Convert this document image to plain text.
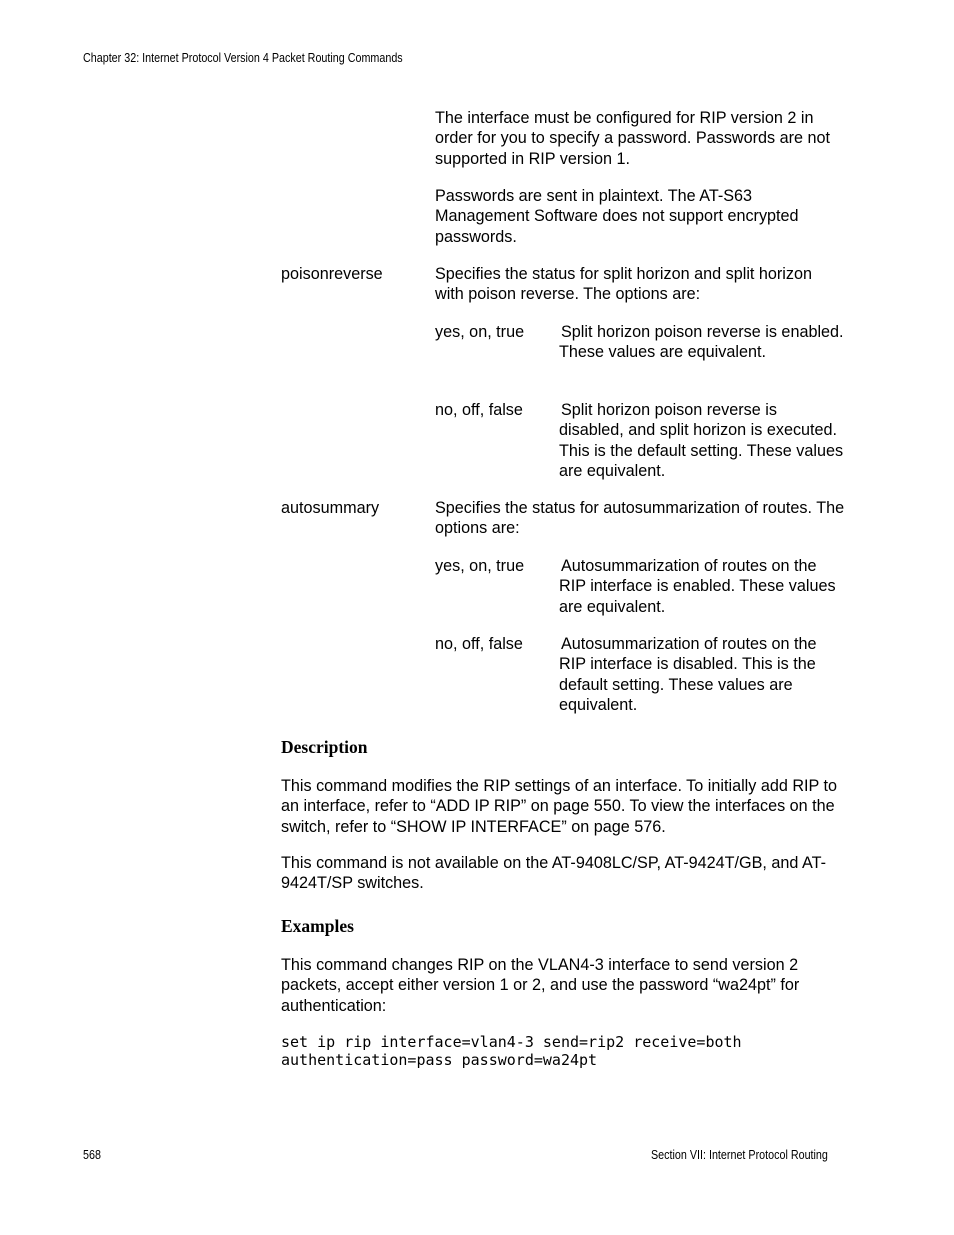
Chapter 32: Internet Protocol Version 4 Packet Routing Commands
The interface must be configured for RIP version 2 in order for you to specify a password. Passwords are not supported in RIP version 1.
Passwords are sent in plaintext. The AT-S63 Management Software does not support encrypted passwords.
poisonreverse	Specifies the status for split horizon and split horizon with poison reverse. The options are:
yes, on, true Split horizon poison reverse is enabled. These values are equivalent.
no, off, false Split horizon poison reverse is disabled, and split horizon is executed. This is the default setting. These values are equivalent.
autosummary	Specifies the status for autosummarization of routes. The options are:
yes, on, true Autosummarization of routes on the RIP interface is enabled. These values are equivalent.
no, off, false Autosummarization of routes on the RIP interface is disabled. This is the default setting. These values are equivalent.
Description
This command modifies the RIP settings of an interface. To initially add RIP to an interface, refer to “ADD IP RIP” on page 550. To view the interfaces on the switch, refer to “SHOW IP INTERFACE” on page 576.
This command is not available on the AT-9408LC/SP, AT-9424T/GB, and AT-9424T/SP switches.
Examples
This command changes RIP on the VLAN4-3 interface to send version 2 packets, accept either version 1 or 2, and use the password “wa24pt” for authentication:
set ip rip interface=vlan4-3 send=rip2 receive=both
authentication=pass password=wa24pt
568	Section VII: Internet Protocol Routing
